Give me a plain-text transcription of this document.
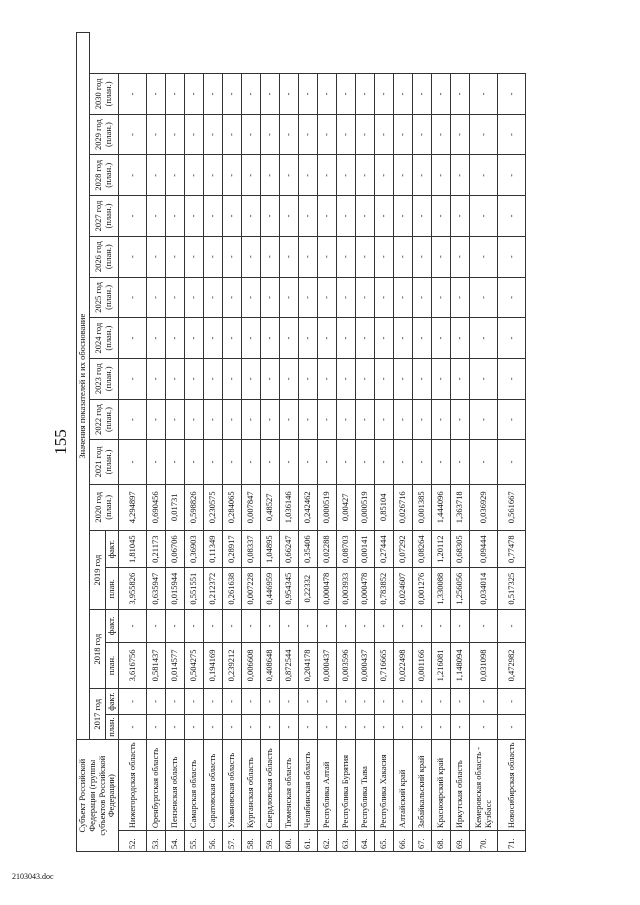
155
Субъект Российской Федерации (группы субъектов Российской Федерации)		Значения показателей и их обоснование																
		2017 год		2018 год		2019 год		2020 год (план.)	2021 год (план.)	2022 год (план.)	2023 год (план.)	2024 год (план.)	2025 год (план.)	2026 год (план.)	2027 год (план.)	2028 год (план.)	2029 год (план.)	2030 год (план.)
		план.	факт.	план.	факт.	план.	факт.											
52.	Нижегородская область	-	-	3,616756	-	3,955826	1,81045	4,294897	-	-	-	-	-	-	-	-	-	-
53.	Оренбургская область	-	-	0,581437	-	0,635947	0,21173	0,690456	-	-	-	-	-	-	-	-	-	-
54.	Пензенская область	-	-	0,014577	-	0,015944	0,06706	0,01731	-	-	-	-	-	-	-	-	-	-
55.	Самарская область	-	-	0,504275	-	0,551551	0,36903	0,598826	-	-	-	-	-	-	-	-	-	-
56.	Саратовская область	-	-	0,194169	-	0,212372	0,11349	0,230575	-	-	-	-	-	-	-	-	-	-
57.	Ульяновская область	-	-	0,239212	-	0,261638	0,28917	0,284065	-	-	-	-	-	-	-	-	-	-
58.	Курганская область	-	-	0,006608	-	0,007228	0,08337	0,007847	-	-	-	-	-	-	-	-	-	-
59.	Свердловская область	-	-	0,408648	-	0,446959	1,04895	0,48527	-	-	-	-	-	-	-	-	-	-
60.	Тюменская область	-	-	0,872544	-	0,954345	0,66247	1,036146	-	-	-	-	-	-	-	-	-	-
61.	Челябинская область	-	-	0,204178	-	0,22332	0,35406	0,242462	-	-	-	-	-	-	-	-	-	-
62.	Республика Алтай	-	-	0,000437	-	0,000478	0,02288	0,000519	-	-	-	-	-	-	-	-	-	-
63.	Республика Бурятия	-	-	0,003596	-	0,003933	0,08703	0,00427	-	-	-	-	-	-	-	-	-	-
64.	Республика Тыва	-	-	0,000437	-	0,000478	0,00141	0,000519	-	-	-	-	-	-	-	-	-	-
65.	Республика Хакасия	-	-	0,716665	-	0,783852	0,27444	0,85104	-	-	-	-	-	-	-	-	-	-
66.	Алтайский край	-	-	0,022498	-	0,024607	0,07292	0,026716	-	-	-	-	-	-	-	-	-	-
67.	Забайкальский край	-	-	0,001166	-	0,001276	0,08264	0,001385	-	-	-	-	-	-	-	-	-	-
68.	Красноярский край	-	-	1,216081	-	1,330088	1,20112	1,444096	-	-	-	-	-	-	-	-	-	-
69.	Иркутская область	-	-	1,148094	-	1,256056	0,68305	1,363718	-	-	-	-	-	-	-	-	-	-
70.	Кемеровская область - Кузбасс	-	-	0,031098	-	0,034014	0,09444	0,036929	-	-	-	-	-	-	-	-	-	-
71.	Новосибирская область	-	-	0,472982	-	0,517325	0,77478	0,561667	-	-	-	-	-	-	-	-	-	-
2103043.doc
